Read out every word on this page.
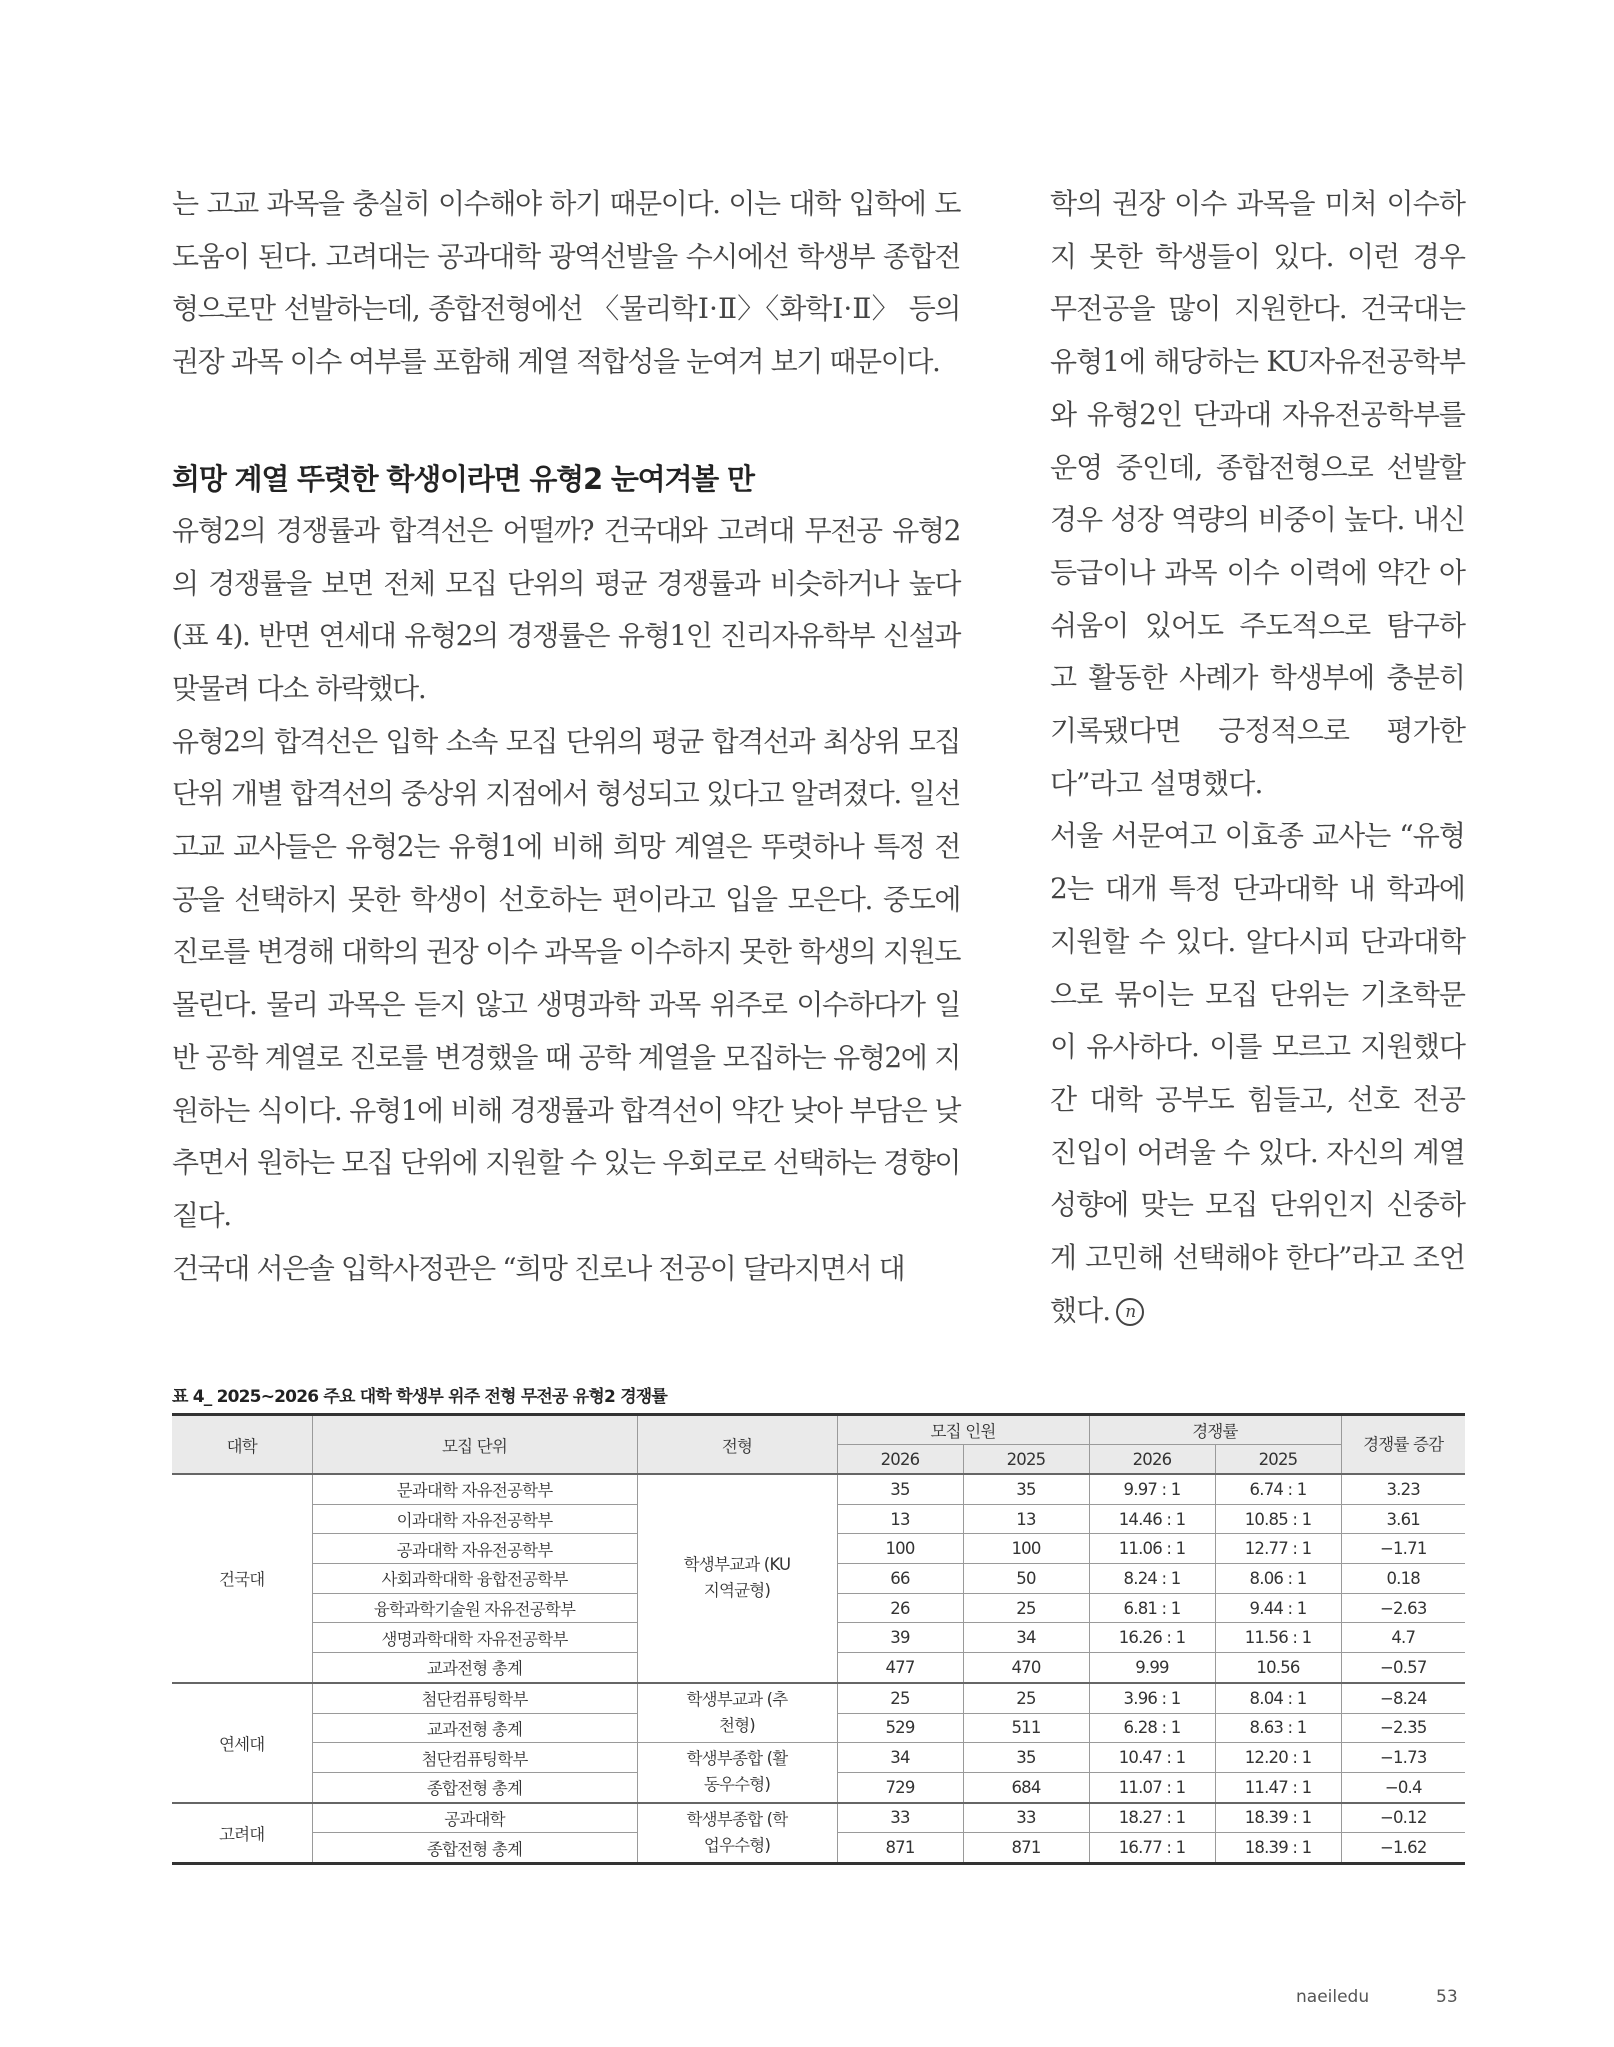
는 고교 과목을 충실히 이수해야 하기 때문이다. 이는 대학 입학에 도 도움이 된다. 고려대는 공과대학 광역선발을 수시에선 학생부 종합전형으로만 선발하는데, 종합전형에선 〈물리학Ⅰ·Ⅱ〉〈화학Ⅰ·Ⅱ〉 등의 권장 과목 이수 여부를 포함해 계열 적합성을 눈여겨 보기 때문이다.

희망 계열 뚜렷한 학생이라면 유형2 눈여겨볼 만

유형2의 경쟁률과 합격선은 어떨까? 건국대와 고려대 무전공 유형2의 경쟁률을 보면 전체 모집 단위의 평균 경쟁률과 비슷하거나 높다(표 4). 반면 연세대 유형2의 경쟁률은 유형1인 진리자유학부 신설과 맞물려 다소 하락했다.

유형2의 합격선은 입학 소속 모집 단위의 평균 합격선과 최상위 모집 단위 개별 합격선의 중상위 지점에서 형성되고 있다고 알려졌다. 일선 고교 교사들은 유형2는 유형1에 비해 희망 계열은 뚜렷하나 특정 전공을 선택하지 못한 학생이 선호하는 편이라고 입을 모은다. 중도에 진로를 변경해 대학의 권장 이수 과목을 이수하지 못한 학생의 지원도 몰린다. 물리 과목은 듣지 않고 생명과학 과목 위주로 이수하다가 일반 공학 계열로 진로를 변경했을 때 공학 계열을 모집하는 유형2에 지원하는 식이다. 유형1에 비해 경쟁률과 합격선이 약간 낮아 부담은 낮추면서 원하는 모집 단위에 지원할 수 있는 우회로로 선택하는 경향이 짙다.

건국대 서은솔 입학사정관은 “희망 진로나 전공이 달라지면서 대

학의 권장 이수 과목을 미처 이수하지 못한 학생들이 있다. 이런 경우 무전공을 많이 지원한다. 건국대는 유형1에 해당하는 KU자유전공학부와 유형2인 단과대 자유전공학부를 운영 중인데, 종합전형으로 선발할 경우 성장 역량의 비중이 높다. 내신 등급이나 과목 이수 이력에 약간 아쉬움이 있어도 주도적으로 탐구하고 활동한 사례가 학생부에 충분히 기록됐다면 긍정적으로 평가한다”라고 설명했다.

서울 서문여고 이효종 교사는 “유형2는 대개 특정 단과대학 내 학과에 지원할 수 있다. 알다시피 단과대학으로 묶이는 모집 단위는 기초학문이 유사하다. 이를 모르고 지원했다간 대학 공부도 힘들고, 선호 전공 진입이 어려울 수 있다. 자신의 계열 성향에 맞는 모집 단위인지 신중하게 고민해 선택해야 한다”라고 조언했다. n

표 4_ 2025~2026 주요 대학 학생부 위주 전형 무전공 유형2 경쟁률
대학	모집 단위	전형	모집 인원		경쟁률		경쟁률 증감
			2026	2025	2026	2025	
건국대	문과대학 자유전공학부	학생부교과 (KU지역균형)	35	35	9.97 : 1	6.74 : 1	3.23
	이과대학 자유전공학부		13	13	14.46 : 1	10.85 : 1	3.61
	공과대학 자유전공학부		100	100	11.06 : 1	12.77 : 1	−1.71
	사회과학대학 융합전공학부		66	50	8.24 : 1	8.06 : 1	0.18
	융학과학기술원 자유전공학부		26	25	6.81 : 1	9.44 : 1	−2.63
	생명과학대학 자유전공학부		39	34	16.26 : 1	11.56 : 1	4.7
	교과전형 총계		477	470	9.99	10.56	−0.57
연세대	첨단컴퓨팅학부	학생부교과 (추천형)	25	25	3.96 : 1	8.04 : 1	−8.24
	교과전형 총계		529	511	6.28 : 1	8.63 : 1	−2.35
	첨단컴퓨팅학부	학생부종합 (활동우수형)	34	35	10.47 : 1	12.20 : 1	−1.73
	종합전형 총계		729	684	11.07 : 1	11.47 : 1	−0.4
고려대	공과대학	학생부종합 (학업우수형)	33	33	18.27 : 1	18.39 : 1	−0.12
	종합전형 총계		871	871	16.77 : 1	18.39 : 1	−1.62
naeiledu	53
